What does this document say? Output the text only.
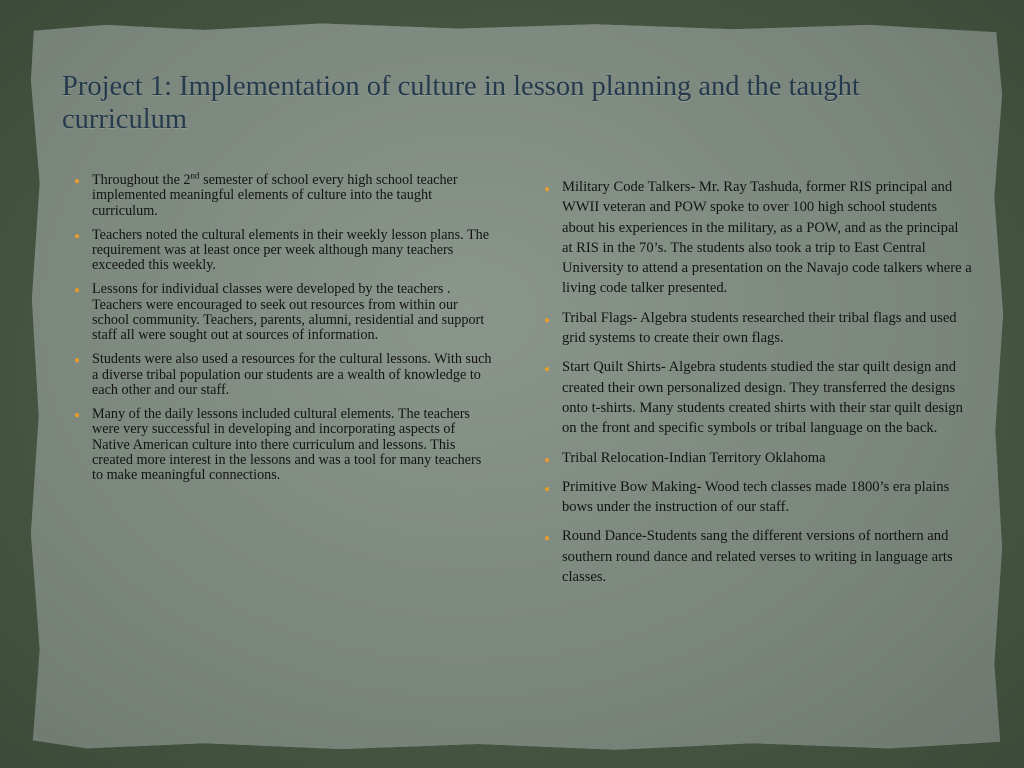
Project 1: Implementation of culture in lesson planning and the taught curriculum
● Throughout the 2nd semester of school every high school teacher implemented meaningful elements of culture into the taught curriculum.
● Teachers noted the cultural elements in their weekly lesson plans. The requirement was at least once per week although many teachers exceeded this weekly.
● Lessons for individual classes were developed by the teachers . Teachers were encouraged to seek out resources from within our school community. Teachers, parents, alumni, residential and support staff all were sought out at sources of information.
● Students were also used a resources for the cultural lessons. With such a diverse tribal population our students are a wealth of knowledge to each other and our staff.
● Many of the daily lessons included cultural elements. The teachers were very successful in developing and incorporating aspects of Native American culture into there curriculum and lessons. This created more interest in the lessons and was a tool for many teachers to make meaningful connections.
● Military Code Talkers- Mr. Ray Tashuda, former RIS principal and WWII veteran and POW spoke to over 100 high school students about his experiences in the military, as a POW, and as the principal at RIS in the 70’s. The students also took a trip to East Central University to attend a presentation on the Navajo code talkers where a living code talker presented.
● Tribal Flags- Algebra students researched their tribal flags and used grid systems to create their own flags.
● Start Quilt Shirts- Algebra students studied the star quilt design and created their own personalized design. They transferred the designs onto t-shirts. Many students created shirts with their star quilt design on the front and specific symbols or tribal language on the back.
● Tribal Relocation-Indian Territory Oklahoma
● Primitive Bow Making- Wood tech classes made 1800’s era plains bows under the instruction of our staff.
● Round Dance-Students sang the different versions of northern and southern round dance and related verses to writing in language arts classes.
